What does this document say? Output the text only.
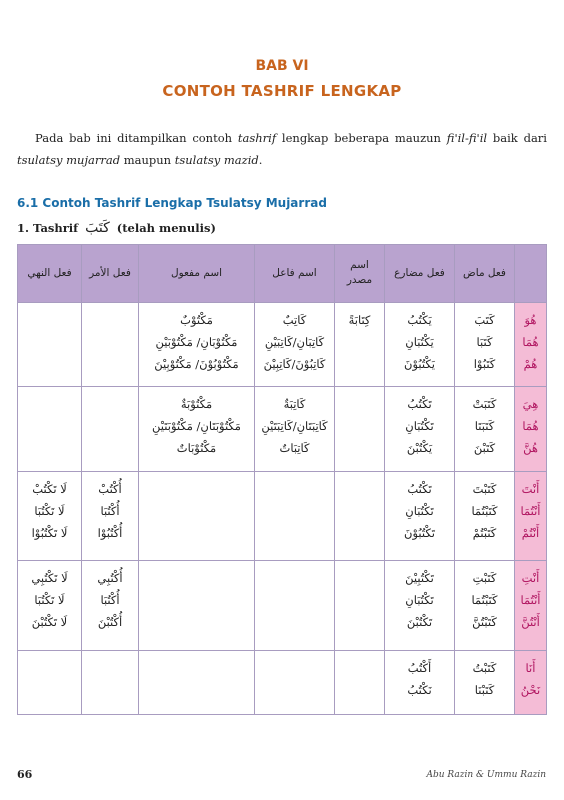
BAB VI
CONTOH TASHRIF LENGKAP

Pada bab ini ditampilkan contoh tashrif lengkap beberapa mauzun fi'il-fi'il baik dari tsulatsy mujarrad maupun tsulatsy mazid.

6.1 Contoh Tashrif Lengkap Tsulatsy Mujarrad
1. Tashrif كَتَبَ (telah menulis)
	فعل ماض	فعل مضارع	اسم
مصدر	اسم فاعل	اسم مفعول	فعل الأمر	فعل النهي

هُوَ
هُمَا
هُمْ	كَتَبَ
كَتَبَا
كَتَبُوْا	يَكْتُبُ
يَكْتُبَانِ
يَكْتُبُوْنَ	كِتَابَةً	كَاتِبٌ
كَاتِبَانِ/كَاتِبَيْنِ
كَاتِبُوْنَ/كَاتِبِيْنَ	مَكْتُوْبٌ
مَكْتُوْبَانِ/ مَكْتُوْبَيْنِ
مَكْتُوْبُوْنَ/ مَكْتُوْبِيْنَ		

هِيَ
هُمَا
هُنَّ	كَتَبَتْ
كَتَبَتَا
كَتَبْنَ	تَكْتُبُ
تَكْتُبَانِ
يَكْتُبْنَ		كَاتِبَةٌ
كَاتِبَتَانِ/كَاتِبَتَيْنِ
كَاتِبَاتٌ	مَكْتُوْبَةٌ
مَكْتُوْبَتَانِ/ مَكْتُوْبَتَيْنِ
مَكْتُوْبَاتٌ		

أَنْتَ
أَنْتُمَا
أَنْتُمْ	كَتَبْتَ
كَتَبْتُمَا
كَتَبْتُمْ	تَكْتُبُ
تَكْتُبَانِ
تَكْتُبُوْنَ				أُكْتُبْ
أُكْتُبَا
أُكْتُبُوْا	لَا تَكْتُبْ
لَا تَكْتُبَا
لَا تَكْتُبُوْا

أَنْتِ
أَنْتُمَا
أَنْتُنَّ	كَتَبْتِ
كَتَبْتُمَا
كَتَبْتُنَّ	تَكْتُبِيْنَ
تَكْتُبَانِ
تَكْتُبْنَ				أُكْتُبِي
أُكْتُبَا
أُكْتُبْنَ	لَا تَكْتُبِي
لَا تَكْتُبَا
لَا تَكْتُبْنَ

أَنَا
نَحْنُ	كَتَبْتُ
كَتَبْنَا	أَكْتُبُ
نَكْتُبُ					

66	Abu Razin & Ummu Razin
